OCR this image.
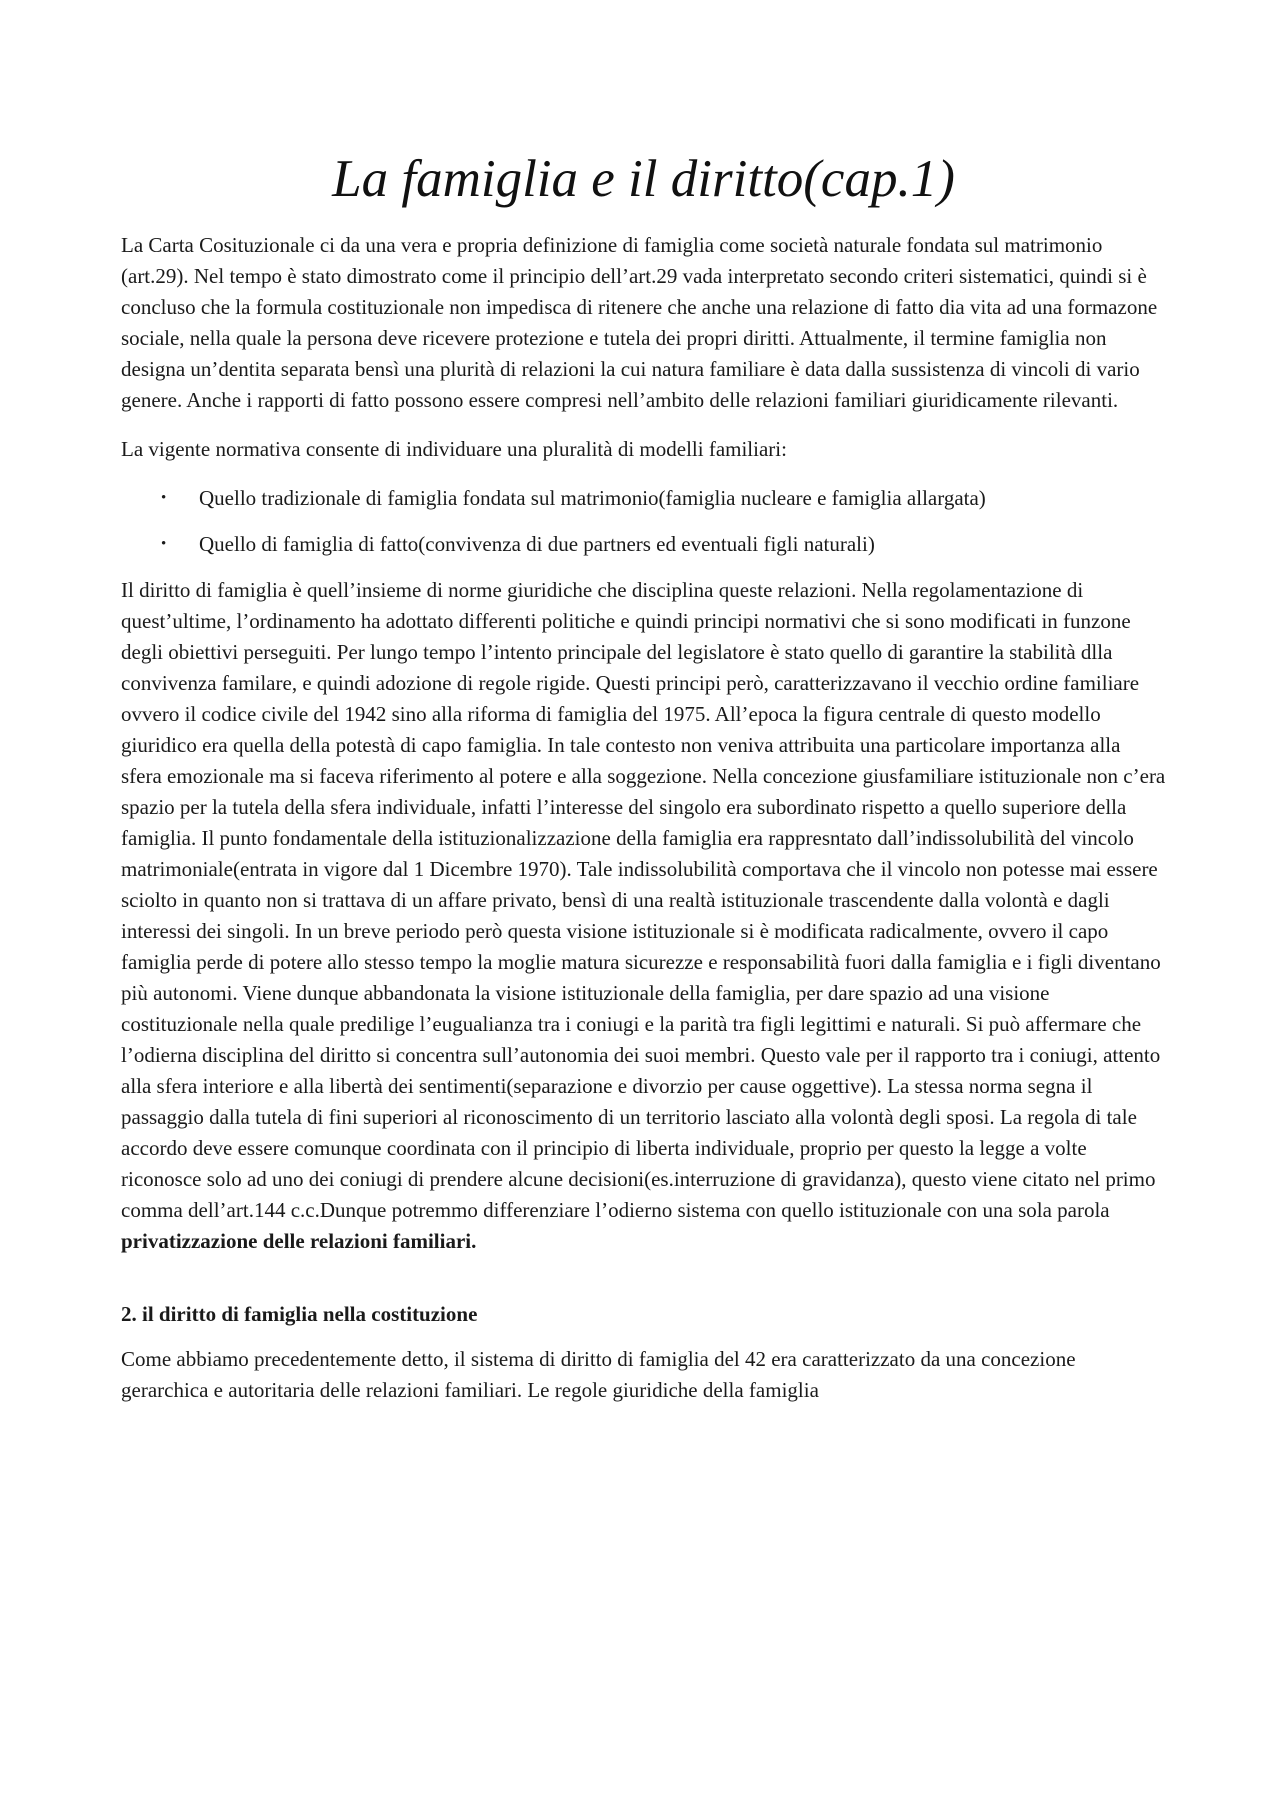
La famiglia e il diritto(cap.1)

La Carta Cosituzionale ci da una vera e propria definizione di famiglia come società naturale fondata sul matrimonio (art.29). Nel tempo è stato dimostrato come il principio dell’art.29 vada interpretato secondo criteri sistematici, quindi si è concluso che la formula costituzionale non impedisca di ritenere che anche una relazione di fatto dia vita ad una formazone sociale, nella quale la persona deve ricevere protezione e tutela dei propri diritti. Attualmente, il termine famiglia non designa un’dentita separata bensì una plurità di relazioni la cui natura familiare è data dalla sussistenza di vincoli di vario genere. Anche i rapporti di fatto possono essere compresi nell’ambito delle relazioni familiari giuridicamente rilevanti.

La vigente normativa consente di individuare una pluralità di modelli familiari:

• Quello tradizionale di famiglia fondata sul matrimonio(famiglia nucleare e famiglia allargata)
• Quello di famiglia di fatto(convivenza di due partners ed eventuali figli naturali)

Il diritto di famiglia è quell’insieme di norme giuridiche che disciplina queste relazioni. Nella regolamentazione di quest’ultime, l’ordinamento ha adottato differenti politiche e quindi principi normativi che si sono modificati in funzone degli obiettivi perseguiti. Per lungo tempo l’intento principale del legislatore è stato quello di garantire la stabilità dlla convivenza familare, e quindi adozione di regole rigide. Questi principi però, caratterizzavano il vecchio ordine familiare ovvero il codice civile del 1942 sino alla riforma di famiglia del 1975. All’epoca la figura centrale di questo modello giuridico era quella della potestà di capo famiglia. In tale contesto non veniva attribuita una particolare importanza alla sfera emozionale ma si faceva riferimento al potere e alla soggezione. Nella concezione giusfamiliare istituzionale non c’era spazio per la tutela della sfera individuale, infatti l’interesse del singolo era subordinato rispetto a quello superiore della famiglia. Il punto fondamentale della istituzionalizzazione della famiglia era rappresntato dall’indissolubilità del vincolo matrimoniale(entrata in vigore dal 1 Dicembre 1970). Tale indissolubilità comportava che il vincolo non potesse mai essere sciolto in quanto non si trattava di un affare privato, bensì di una realtà istituzionale trascendente dalla volontà e dagli interessi dei singoli. In un breve periodo però questa visione istituzionale si è modificata radicalmente, ovvero il capo famiglia perde di potere allo stesso tempo la moglie matura sicurezze e responsabilità fuori dalla famiglia e i figli diventano più autonomi. Viene dunque abbandonata la visione istituzionale della famiglia, per dare spazio ad una visione costituzionale nella quale predilige l’eugualianza tra i coniugi e la parità tra figli legittimi e naturali. Si può affermare che l’odierna disciplina del diritto si concentra sull’autonomia dei suoi membri. Questo vale per il rapporto tra i coniugi, attento alla sfera interiore e alla libertà dei sentimenti(separazione e divorzio per cause oggettive). La stessa norma segna il passaggio dalla tutela di fini superiori al riconoscimento di un territorio lasciato alla volontà degli sposi. La regola di tale accordo deve essere comunque coordinata con il principio di liberta individuale, proprio per questo la legge a volte riconosce solo ad uno dei coniugi di prendere alcune decisioni(es.interruzione di gravidanza), questo viene citato nel primo comma dell’art.144 c.c.Dunque potremmo differenziare l’odierno sistema con quello istituzionale con una sola parola privatizzazione delle relazioni familiari.

2. il diritto di famiglia nella costituzione

Come abbiamo precedentemente detto, il sistema di diritto di famiglia del 42 era caratterizzato da una concezione gerarchica e autoritaria delle relazioni familiari. Le regole giuridiche della famiglia
